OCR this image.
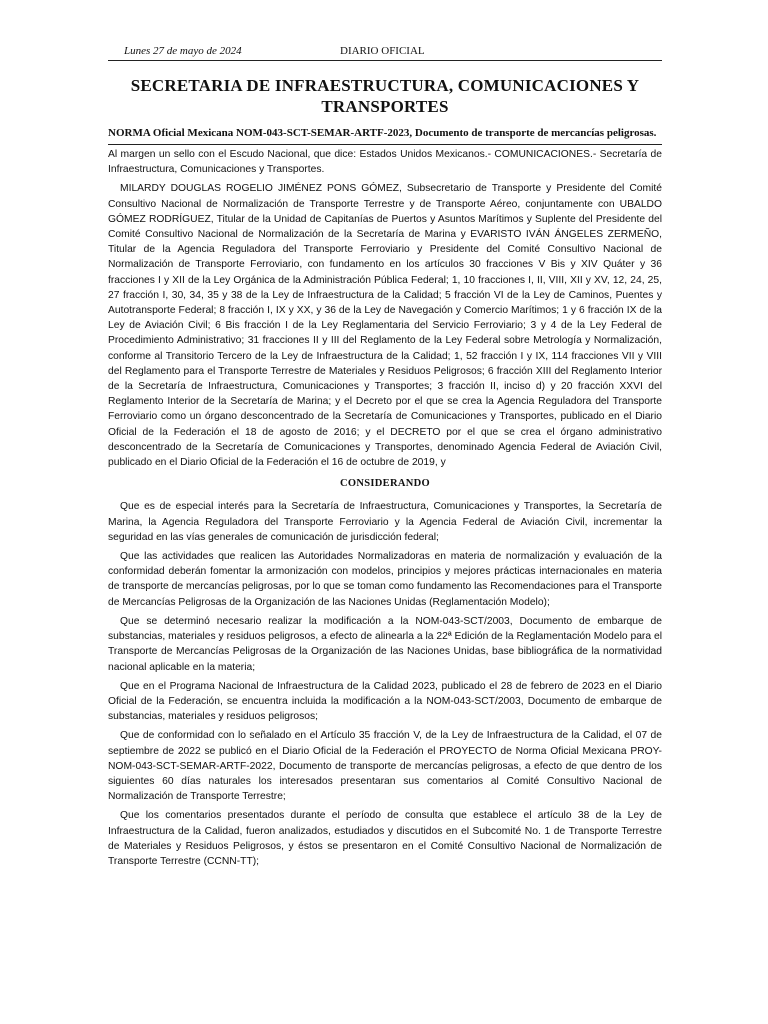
Lunes 27 de mayo de 2024	DIARIO OFICIAL
SECRETARIA DE INFRAESTRUCTURA, COMUNICACIONES Y TRANSPORTES
NORMA Oficial Mexicana NOM-043-SCT-SEMAR-ARTF-2023, Documento de transporte de mercancías peligrosas.

Al margen un sello con el Escudo Nacional, que dice: Estados Unidos Mexicanos.- COMUNICACIONES.- Secretaría de Infraestructura, Comunicaciones y Transportes.

MILARDY DOUGLAS ROGELIO JIMÉNEZ PONS GÓMEZ, Subsecretario de Transporte y Presidente del Comité Consultivo Nacional de Normalización de Transporte Terrestre y de Transporte Aéreo, conjuntamente con UBALDO GÓMEZ RODRÍGUEZ, Titular de la Unidad de Capitanías de Puertos y Asuntos Marítimos y Suplente del Presidente del Comité Consultivo Nacional de Normalización de la Secretaría de Marina y EVARISTO IVÁN ÁNGELES ZERMEÑO, Titular de la Agencia Reguladora del Transporte Ferroviario y Presidente del Comité Consultivo Nacional de Normalización de Transporte Ferroviario, con fundamento en los artículos 30 fracciones V Bis y XIV Quáter y 36 fracciones I y XII de la Ley Orgánica de la Administración Pública Federal; 1, 10 fracciones I, II, VIII, XII y XV, 12, 24, 25, 27 fracción I, 30, 34, 35 y 38 de la Ley de Infraestructura de la Calidad; 5 fracción VI de la Ley de Caminos, Puentes y Autotransporte Federal; 8 fracción I, IX y XX, y 36 de la Ley de Navegación y Comercio Marítimos; 1 y 6 fracción IX de la Ley de Aviación Civil; 6 Bis fracción I de la Ley Reglamentaria del Servicio Ferroviario; 3 y 4 de la Ley Federal de Procedimiento Administrativo; 31 fracciones II y III del Reglamento de la Ley Federal sobre Metrología y Normalización, conforme al Transitorio Tercero de la Ley de Infraestructura de la Calidad; 1, 52 fracción I y IX, 114 fracciones VII y VIII del Reglamento para el Transporte Terrestre de Materiales y Residuos Peligrosos; 6 fracción XIII del Reglamento Interior de la Secretaría de Infraestructura, Comunicaciones y Transportes; 3 fracción II, inciso d) y 20 fracción XXVI del Reglamento Interior de la Secretaría de Marina; y el Decreto por el que se crea la Agencia Reguladora del Transporte Ferroviario como un órgano desconcentrado de la Secretaría de Comunicaciones y Transportes, publicado en el Diario Oficial de la Federación el 18 de agosto de 2016; y el DECRETO por el que se crea el órgano administrativo desconcentrado de la Secretaría de Comunicaciones y Transportes, denominado Agencia Federal de Aviación Civil, publicado en el Diario Oficial de la Federación el 16 de octubre de 2019, y

CONSIDERANDO

Que es de especial interés para la Secretaría de Infraestructura, Comunicaciones y Transportes, la Secretaría de Marina, la Agencia Reguladora del Transporte Ferroviario y la Agencia Federal de Aviación Civil, incrementar la seguridad en las vías generales de comunicación de jurisdicción federal;

Que las actividades que realicen las Autoridades Normalizadoras en materia de normalización y evaluación de la conformidad deberán fomentar la armonización con modelos, principios y mejores prácticas internacionales en materia de transporte de mercancías peligrosas, por lo que se toman como fundamento las Recomendaciones para el Transporte de Mercancías Peligrosas de la Organización de las Naciones Unidas (Reglamentación Modelo);

Que se determinó necesario realizar la modificación a la NOM-043-SCT/2003, Documento de embarque de substancias, materiales y residuos peligrosos, a efecto de alinearla a la 22ª Edición de la Reglamentación Modelo para el Transporte de Mercancías Peligrosas de la Organización de las Naciones Unidas, base bibliográfica de la normatividad nacional aplicable en la materia;

Que en el Programa Nacional de Infraestructura de la Calidad 2023, publicado el 28 de febrero de 2023 en el Diario Oficial de la Federación, se encuentra incluida la modificación a la NOM-043-SCT/2003, Documento de embarque de substancias, materiales y residuos peligrosos;

Que de conformidad con lo señalado en el Artículo 35 fracción V, de la Ley de Infraestructura de la Calidad, el 07 de septiembre de 2022 se publicó en el Diario Oficial de la Federación el PROYECTO de Norma Oficial Mexicana PROY-NOM-043-SCT-SEMAR-ARTF-2022, Documento de transporte de mercancías peligrosas, a efecto de que dentro de los siguientes 60 días naturales los interesados presentaran sus comentarios al Comité Consultivo Nacional de Normalización de Transporte Terrestre;

Que los comentarios presentados durante el período de consulta que establece el artículo 38 de la Ley de Infraestructura de la Calidad, fueron analizados, estudiados y discutidos en el Subcomité No. 1 de Transporte Terrestre de Materiales y Residuos Peligrosos, y éstos se presentaron en el Comité Consultivo Nacional de Normalización de Transporte Terrestre (CCNN-TT);
